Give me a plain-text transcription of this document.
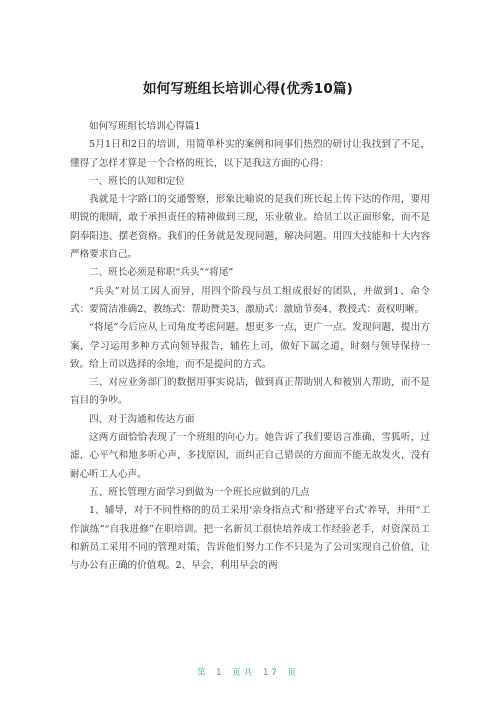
如何写班组长培训心得(优秀10篇)

如何写班组长培训心得篇1

5月1日和2日的培训，用简单朴实的案例和同事们热烈的研讨让我找到了不足，懂得了怎样才算是一个合格的班长，以下是我这方面的心得：

一、班长的认知和定位

我就是十字路口的交通警察，形象比喻说的是我们班长起上传下达的作用，要用明锐的眼睛，敢于承担责任的精神做到三现，乐业敬业。给员工以正面形象，而不是阴奉阳违、摆老资格。我们的任务就是发现问题，解决问题。用四大技能和十大内容严格要求自己。

二、班长必须是称职“兵头”“将尾”

“兵头”对员工因人而异，用四个阶段与员工组成很好的团队，并做到1、命令式：要简洁准确2、教练式：帮助赞美3、激励式：激励节奏4、教授式：责权明晰。

“将尾”今后应从上司角度考虑问题。想更多一点，更广一点。发现问题，提出方案，学习运用多种方式向领导报告，辅佐上司，做好下属之道，时刻与领导保持一致。给上司以选择的余地，而不是提问的方式。

三、对应业务部门的数据用事实说话，做到真正帮助别人和被别人帮助，而不是盲目的争吵。

四、对于沟通和传达方面

这两方面恰恰表现了一个班组的向心力。她告诉了我们要语言准确，雪狐听，过滤，心平气和地多听心声，多找原因，而纠正自己错误的方面而不能无故发火，没有耐心听工人心声。

五、班长管理方面学习到做为一个班长应做到的几点

1、辅导，对于不同性格的的员工采用‘亲身指点式’和‘搭建平台式’养导，并用“工作演练”“自我进修”在职培训。把一名新员工很快培养成工作经验老手，对资深员工和新员工采用不同的管理对策，告诉他们努力工作不只是为了公司实现自己价值，让与办公有正确的价值观。2、早会，利用早会的两

第 1 页共 17 页
